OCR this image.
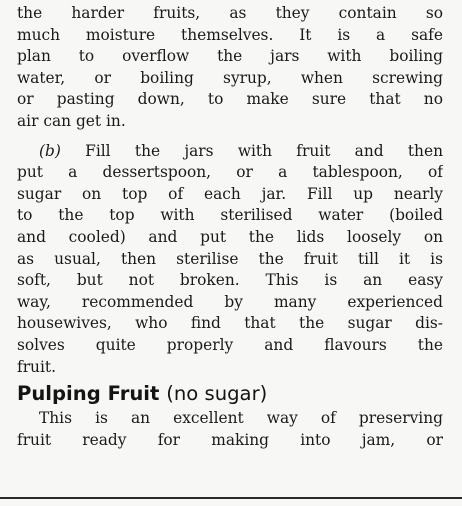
the harder fruits, as they contain so
much moisture themselves. It is a safe
plan to overflow the jars with boiling
water, or boiling syrup, when screwing
or pasting down, to make sure that no
air can get in.
(b) Fill the jars with fruit and then
put a dessertspoon, or a tablespoon, of
sugar on top of each jar. Fill up nearly
to the top with sterilised water (boiled
and cooled) and put the lids loosely on
as usual, then sterilise the fruit till it is
soft, but not broken. This is an easy
way, recommended by many experienced
housewives, who find that the sugar dis-
solves quite properly and flavours the
fruit.
Pulping Fruit (no sugar)
This is an excellent way of preserving
fruit ready for making into jam, or
